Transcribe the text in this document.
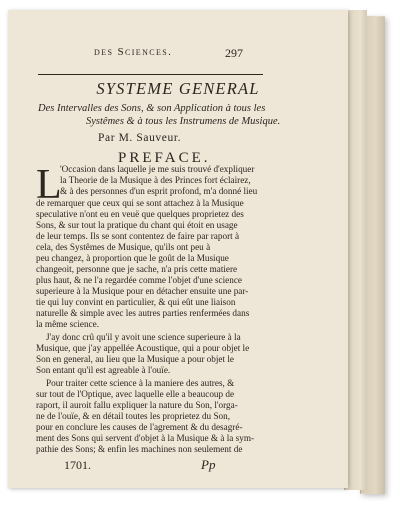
des Sciences.	297
SYSTEME GENERAL
Des Intervalles des Sons, & son Application à tous les
Systêmes & à tous les Instrumens de Musique.
Par M. Sauveur.
PREFACE.
L
'Occasion dans laquelle je me suis trouvé d'expliquer
la Theorie de la Musique à des Princes fort éclairez,
& à des personnes d'un esprit profond, m'a donné lieu
de remarquer que ceux qui se sont attachez à la Musique
speculative n'ont eu en veuë que quelques proprietez des
Sons, & sur tout la pratique du chant qui étoit en usage
de leur temps. Ils se sont contentez de faire par raport à
cela, des Systêmes de Musique, qu'ils ont peu à
peu changez, à proportion que le goût de la Musique
changeoit, personne que je sache, n'a pris cette matiere
plus haut, & ne l'a regardée comme l'objet d'une science
superieure à la Musique pour en détacher ensuite une par-
tie qui luy convint en particulier, & qui eût une liaison
naturelle & simple avec les autres parties renfermées dans
la même science.
J'ay donc crû qu'il y avoit une science superieure à la
Musique, que j'ay appellée Acoustique, qui a pour objet le
Son en general, au lieu que la Musique a pour objet le
Son entant qu'il est agreable à l'ouïe.
Pour traiter cette science à la maniere des autres, &
sur tout de l'Optique, avec laquelle elle a beaucoup de
raport, il auroit fallu expliquer la nature du Son, l'orga-
ne de l'ouïe, & en détail toutes les proprietez du Son,
pour en conclure les causes de l'agrement & du desagré-
ment des Sons qui servent d'objet à la Musique & à la sym-
pathie des Sons; & enfin les machines non seulement de
1701.	Pp
